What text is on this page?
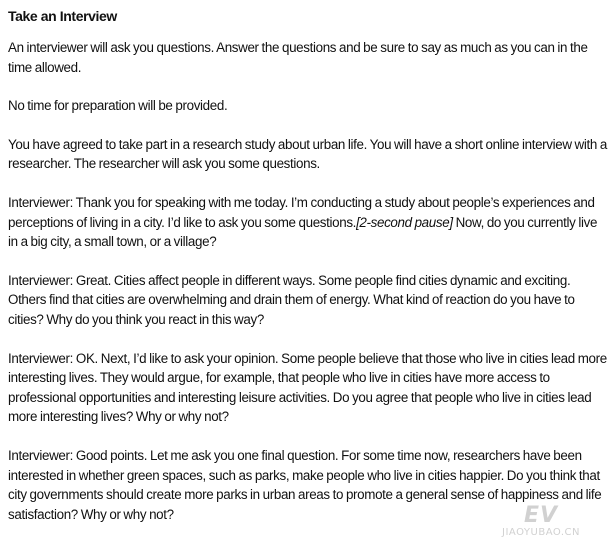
Take an Interview

An interviewer will ask you questions. Answer the questions and be sure to say as much as you can in the time allowed.

No time for preparation will be provided.

You have agreed to take part in a research study about urban life. You will have a short online interview with a researcher. The researcher will ask you some questions.

Interviewer: Thank you for speaking with me today. I’m conducting a study about people’s experiences and perceptions of living in a city. I’d like to ask you some questions.[2-second pause] Now, do you currently live in a big city, a small town, or a village?

Interviewer: Great. Cities affect people in different ways. Some people find cities dynamic and exciting. Others find that cities are overwhelming and drain them of energy. What kind of reaction do you have to cities? Why do you think you react in this way?

Interviewer: OK. Next, I’d like to ask your opinion. Some people believe that those who live in cities lead more interesting lives. They would argue, for example, that people who live in cities have more access to professional opportunities and interesting leisure activities. Do you agree that people who live in cities lead more interesting lives? Why or why not?

Interviewer: Good points. Let me ask you one final question. For some time now, researchers have been interested in whether green spaces, such as parks, make people who live in cities happier. Do you think that city governments should create more parks in urban areas to promote a general sense of happiness and life satisfaction? Why or why not?	EV
JIAOYUBAO.CN
